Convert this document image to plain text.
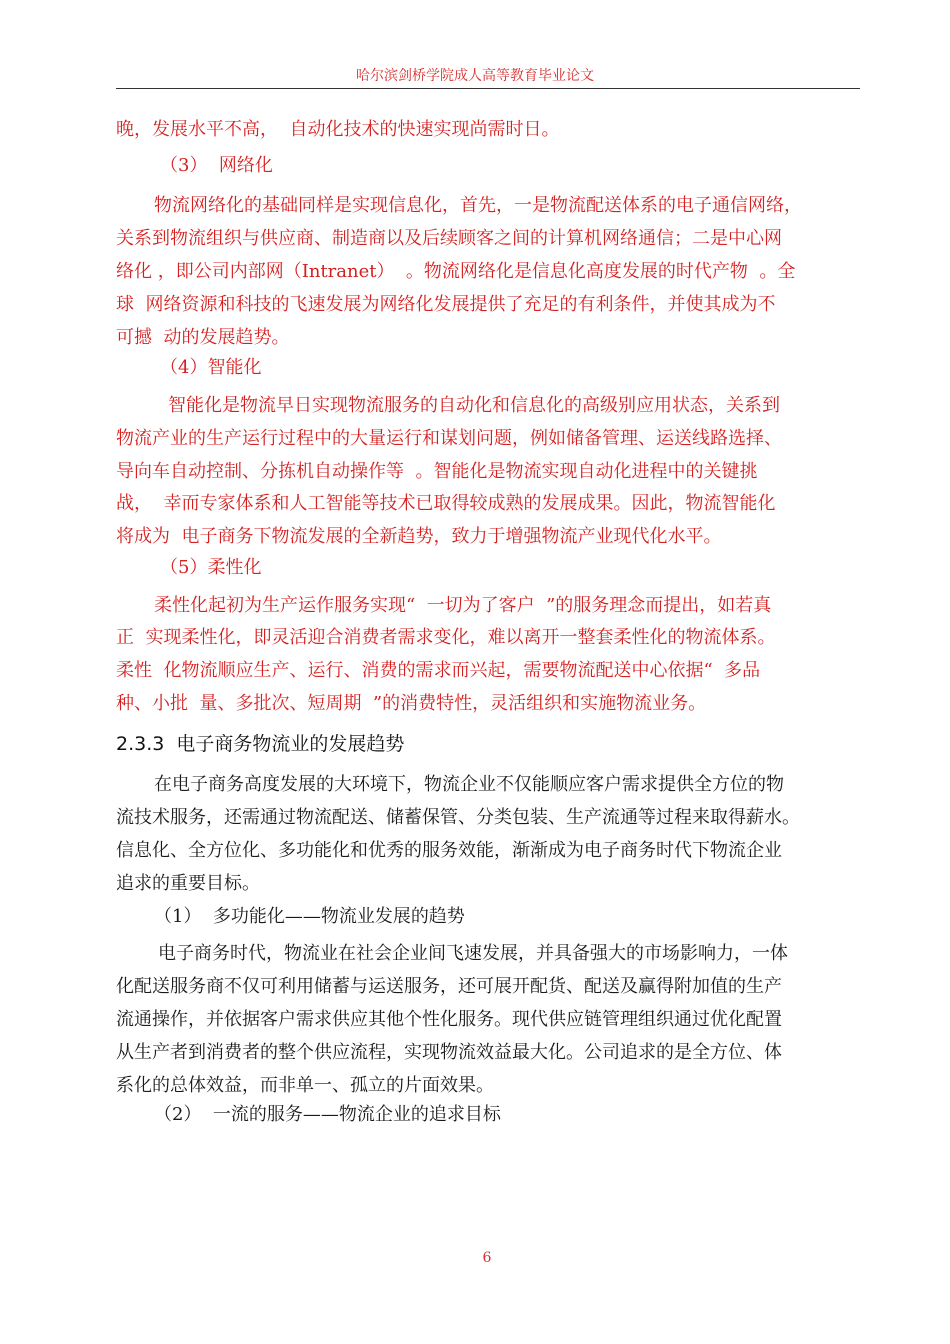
哈尔滨剑桥学院成人高等教育毕业论文
晚，发展水平不高，  自动化技术的快速实现尚需时日。
（3）  网络化
物流网络化的基础同样是实现信息化，首先，一是物流配送体系的电子通信网络，
关系到物流组织与供应商、制造商以及后续顾客之间的计算机网络通信；二是中心网
络化 ，即公司内部网（Intranet）  。物流网络化是信息化高度发展的时代产物  。全
球  网络资源和科技的飞速发展为网络化发展提供了充足的有利条件，并使其成为不
可撼  动的发展趋势。
（4）智能化
智能化是物流早日实现物流服务的自动化和信息化的高级别应用状态，关系到
物流产业的生产运行过程中的大量运行和谋划问题，例如储备管理、运送线路选择、
导向车自动控制、分拣机自动操作等  。智能化是物流实现自动化进程中的关键挑
战，  幸而专家体系和人工智能等技术已取得较成熟的发展成果。因此，物流智能化
将成为  电子商务下物流发展的全新趋势，致力于增强物流产业现代化水平。
（5）柔性化
柔性化起初为生产运作服务实现“  一切为了客户  ”的服务理念而提出，如若真
正  实现柔性化，即灵活迎合消费者需求变化，难以离开一整套柔性化的物流体系。
柔性  化物流顺应生产、运行、消费的需求而兴起，需要物流配送中心依据“  多品
种、小批  量、多批次、短周期  ”的消费特性，灵活组织和实施物流业务。
2.3.3  电子商务物流业的发展趋势
在电子商务高度发展的大环境下，物流企业不仅能顺应客户需求提供全方位的物
流技术服务，还需通过物流配送、储蓄保管、分类包装、生产流通等过程来取得薪水。
信息化、全方位化、多功能化和优秀的服务效能，渐渐成为电子商务时代下物流企业
追求的重要目标。
（1）  多功能化——物流业发展的趋势
电子商务时代，物流业在社会企业间飞速发展，并具备强大的市场影响力，一体
化配送服务商不仅可利用储蓄与运送服务，还可展开配货、配送及赢得附加值的生产
流通操作，并依据客户需求供应其他个性化服务。现代供应链管理组织通过优化配置
从生产者到消费者的整个供应流程，实现物流效益最大化。公司追求的是全方位、体
系化的总体效益，而非单一、孤立的片面效果。
（2）  一流的服务——物流企业的追求目标
6
